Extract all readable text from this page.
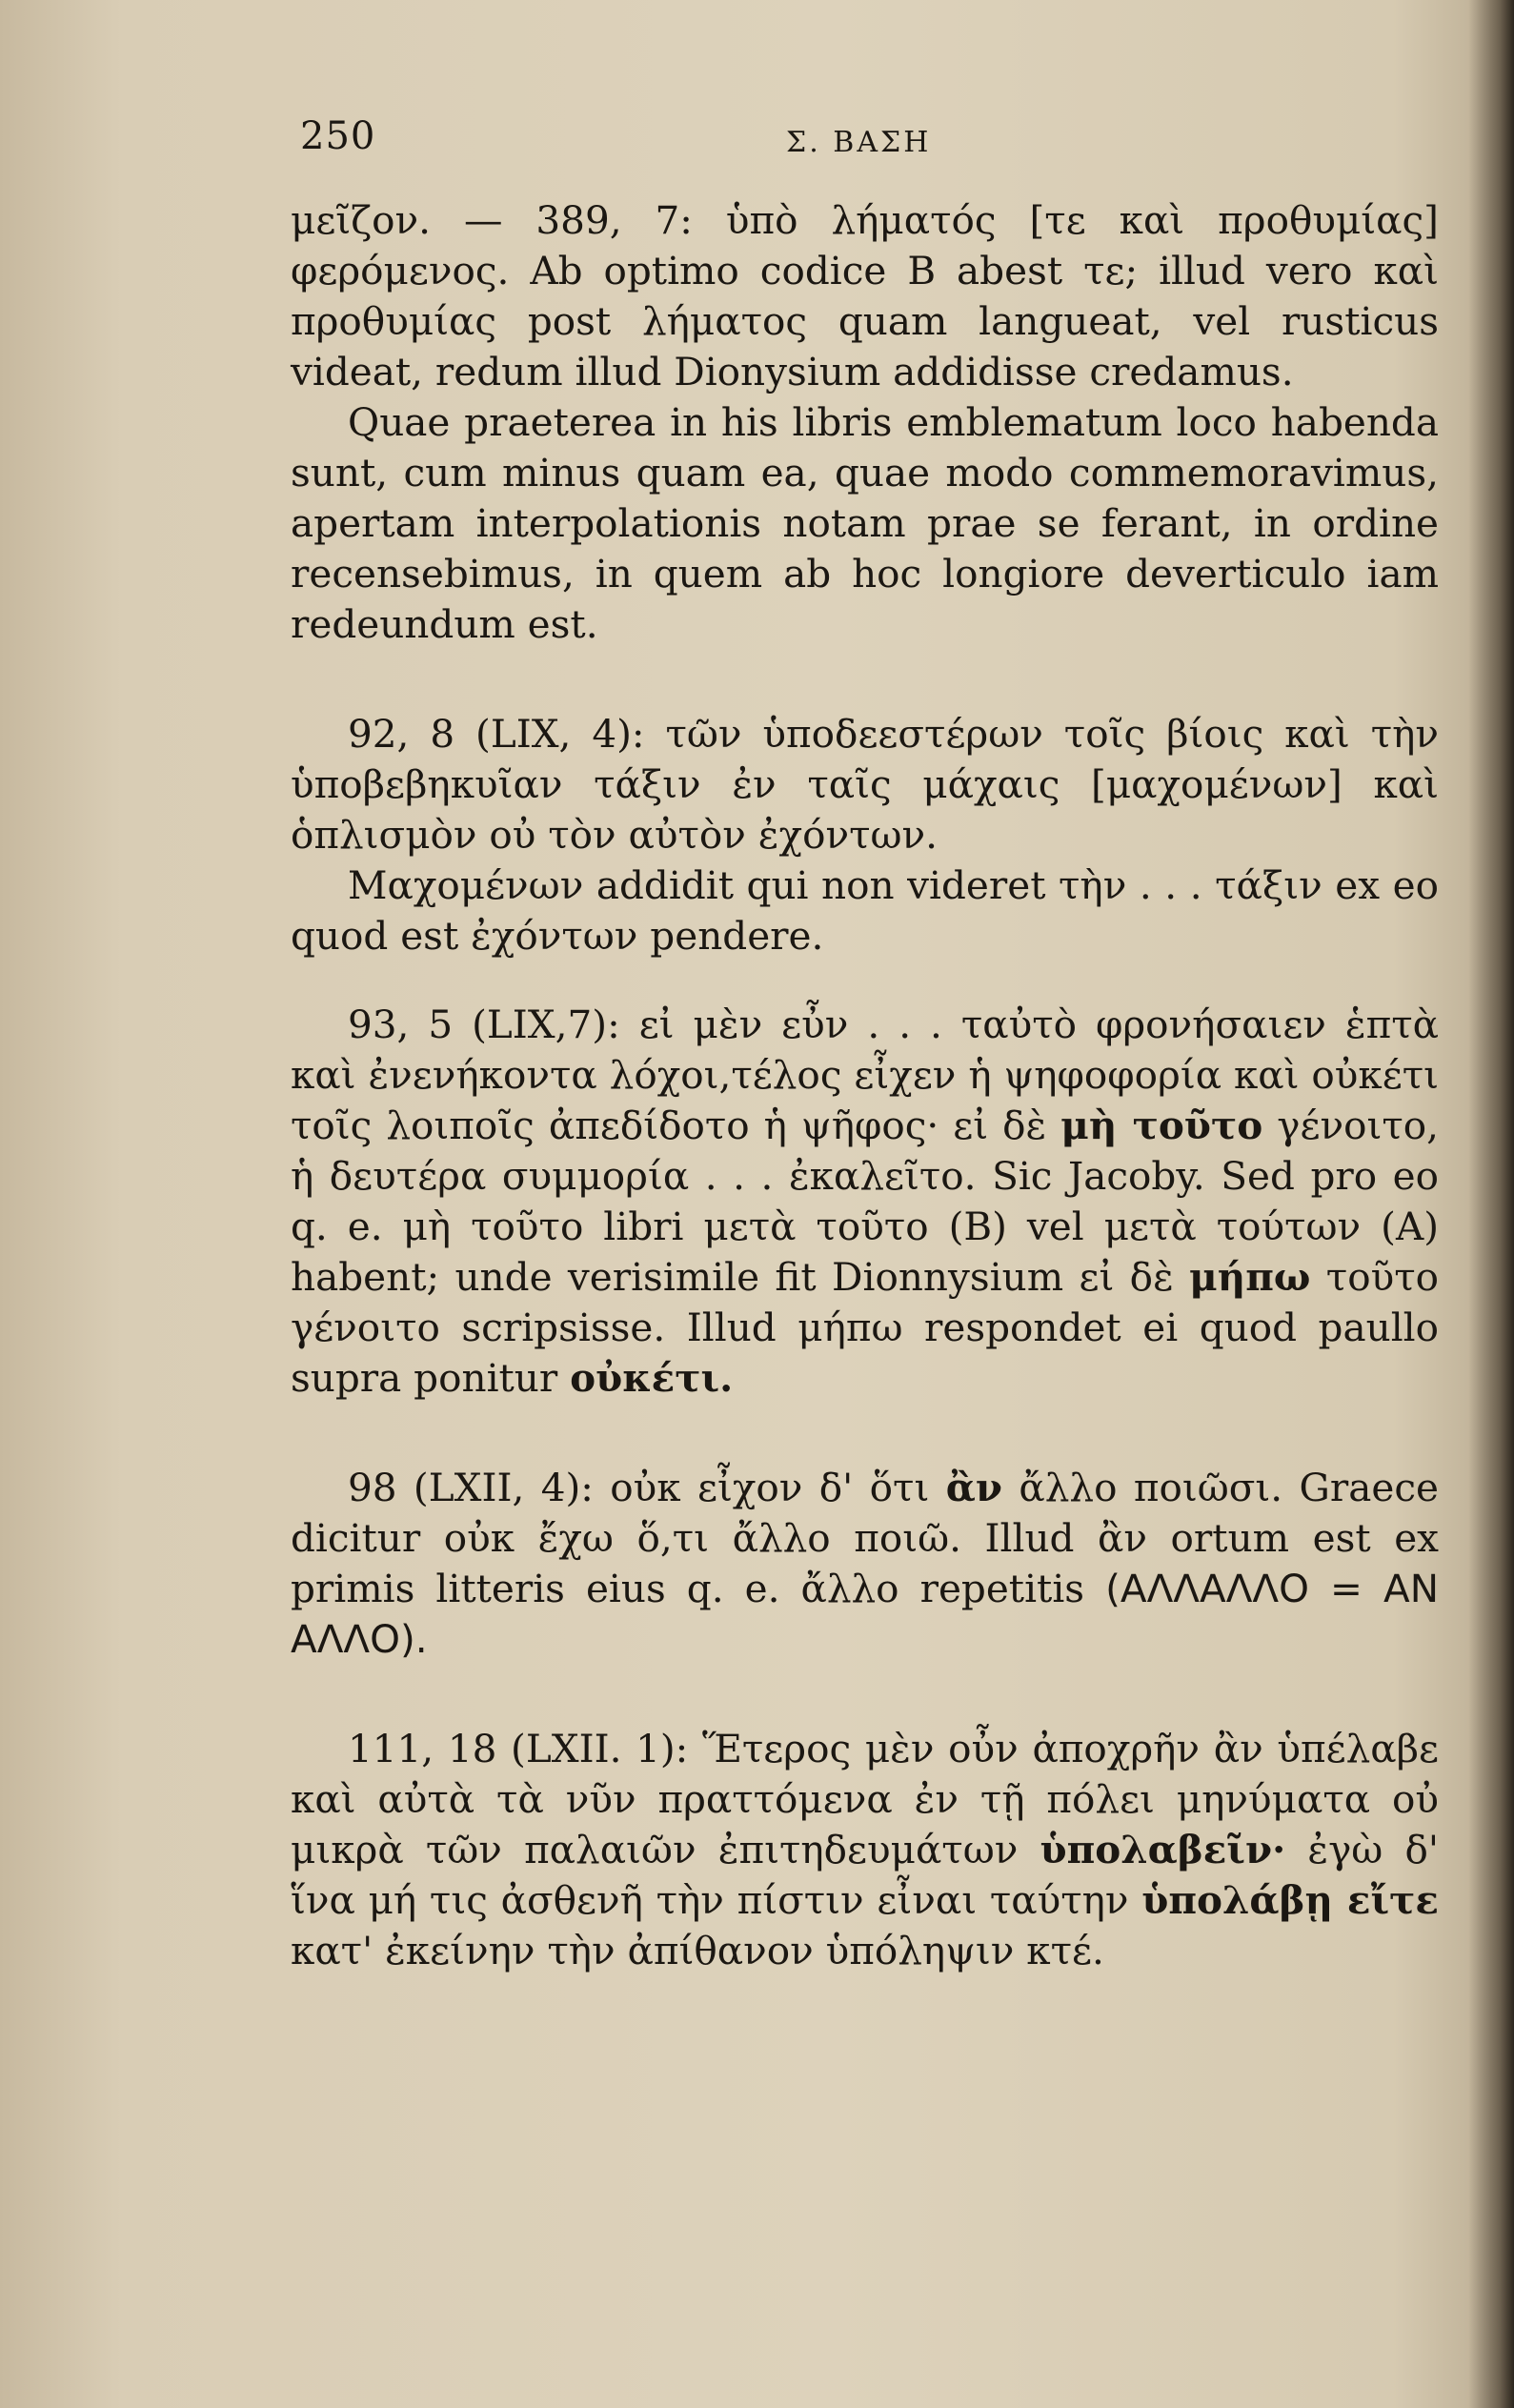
250	Σ. ΒΑΣΗ

μεῖζον. — 389, 7: ὑπὸ λήματός [τε καὶ προθυμίας] φερόμενος. Ab optimo codice B abest τε; illud vero καὶ προθυμίας post λήματος quam langueat, vel rusticus videat, redum illud Dionysium addidisse credamus.

Quae praeterea in his libris emblematum loco habenda sunt, cum minus quam ea, quae modo commemoravimus, apertam interpolationis notam prae se ferant, in ordine recensebimus, in quem ab hoc longiore deverticulo iam redeundum est.

92, 8 (LIX, 4): τῶν ὑποδεεστέρων τοῖς βίοις καὶ τὴν ὑποβεβηκυῖαν τάξιν ἐν ταῖς μάχαις [μαχομένων] καὶ ὁπλισμὸν οὐ τὸν αὐτὸν ἐχόντων.

Μαχομένων addidit qui non videret τὴν . . . τάξιν ex eo quod est ἐχόντων pendere.

93, 5 (LIX,7): εἰ μὲν εὖν . . . ταὐτὸ φρονήσαιεν ἑπτὰ καὶ ἐνενήκοντα λόχοι,τέλος εἶχεν ἡ ψηφοφορία καὶ οὐκέτι τοῖς λοιποῖς ἀπεδίδοτο ἡ ψῆφος· εἰ δὲ μὴ τοῦτο γένοιτο, ἡ δευτέρα συμμορία . . . ἐκαλεῖτο. Sic Jacoby. Sed pro eo q. e. μὴ τοῦτο libri μετὰ τοῦτο (B) vel μετὰ τούτων (A) habent; unde verisimile fit Dionnysium εἰ δὲ μήπω τοῦτο γένοιτο scripsisse. Illud μήπω respondet ei quod paullo supra ponitur οὐκέτι.

98 (LXII, 4): οὐκ εἶχον δ' ὅτι ἂν ἄλλο ποιῶσι. Graece dicitur οὐκ ἔχω ὅ,τι ἄλλο ποιῶ. Illud ἂν ortum est ex primis litteris eius q. e. ἄλλο repetitis (ΑΛΛΑΛΛΟ = ΑΝ ΑΛΛΟ).

111, 18 (LXII. 1): Ἕτερος μὲν οὖν ἀποχρῆν ἂν ὑπέλαβε καὶ αὐτὰ τὰ νῦν πραττόμενα ἐν τῇ πόλει μηνύματα οὐ μικρὰ τῶν παλαιῶν ἐπιτηδευμάτων ὑπολαβεῖν· ἐγὼ δ' ἵνα μή τις ἀσθενῆ τὴν πίστιν εἶναι ταύτην ὑπολάβῃ εἴτε κατ' ἐκείνην τὴν ἀπίθανον ὑπόληψιν κτέ.
